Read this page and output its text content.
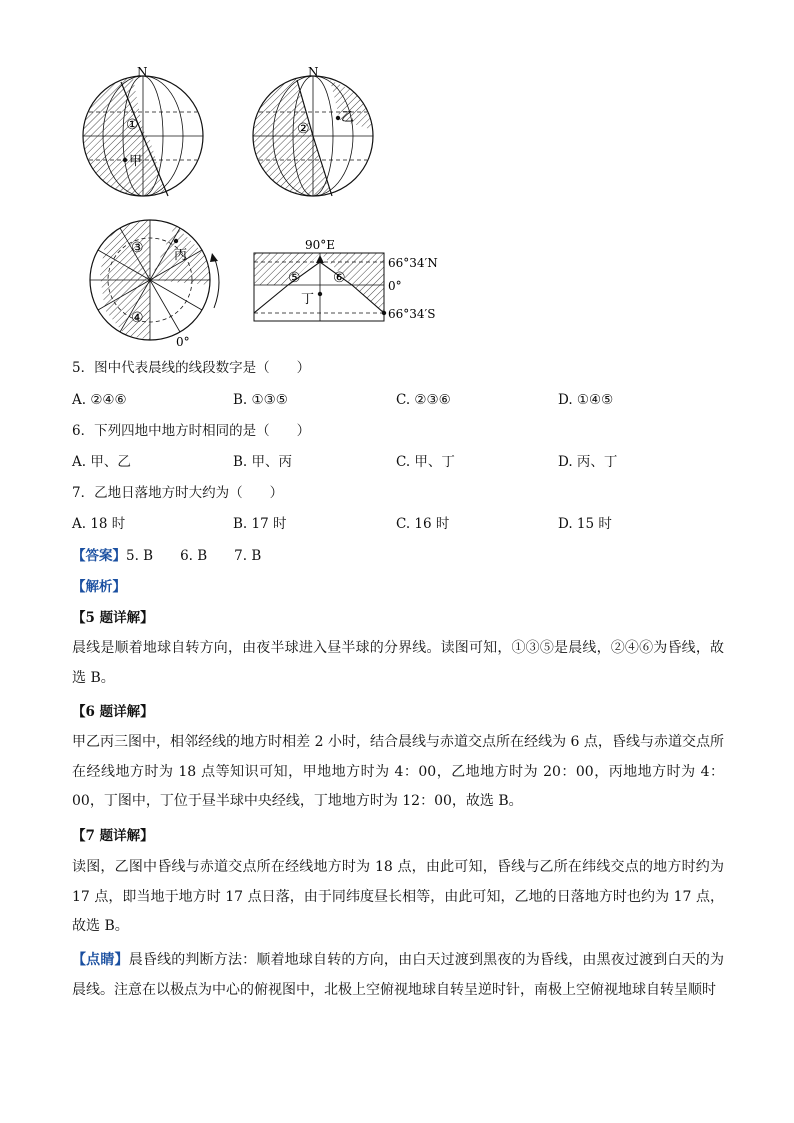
N
①
甲
N
②
乙
③
④
丙
0°
90°E
66°34′N
0°
66°34′S
⑤ ⑥
丁
5．图中代表晨线的线段数字是（　　）
A. ②④⑥	B. ①③⑤	C. ②③⑥	D. ①④⑤
6．下列四地中地方时相同的是（　　）
A. 甲、乙	B. 甲、丙	C. 甲、丁	D. 丙、丁
7．乙地日落地方时大约为（　　）
A. 18 时	B. 17 时	C. 16 时	D. 15 时
【答案】5. B　　6. B　　7. B
【解析】
【5 题详解】
晨线是顺着地球自转方向，由夜半球进入昼半球的分界线。读图可知，①③⑤是晨线，②④⑥为昏线，故选 B。
【6 题详解】
甲乙丙三图中，相邻经线的地方时相差 2 小时，结合晨线与赤道交点所在经线为 6 点，昏线与赤道交点所在经线地方时为 18 点等知识可知，甲地地方时为 4：00，乙地地方时为 20：00，丙地地方时为 4：00，丁图中，丁位于昼半球中央经线，丁地地方时为 12：00，故选 B。
【7 题详解】
读图，乙图中昏线与赤道交点所在经线地方时为 18 点，由此可知，昏线与乙所在纬线交点的地方时约为 17 点，即当地于地方时 17 点日落，由于同纬度昼长相等，由此可知，乙地的日落地方时也约为 17 点，故选 B。
【点睛】晨昏线的判断方法：顺着地球自转的方向，由白天过渡到黑夜的为昏线，由黑夜过渡到白天的为晨线。注意在以极点为中心的俯视图中，北极上空俯视地球自转呈逆时针，南极上空俯视地球自转呈顺时
